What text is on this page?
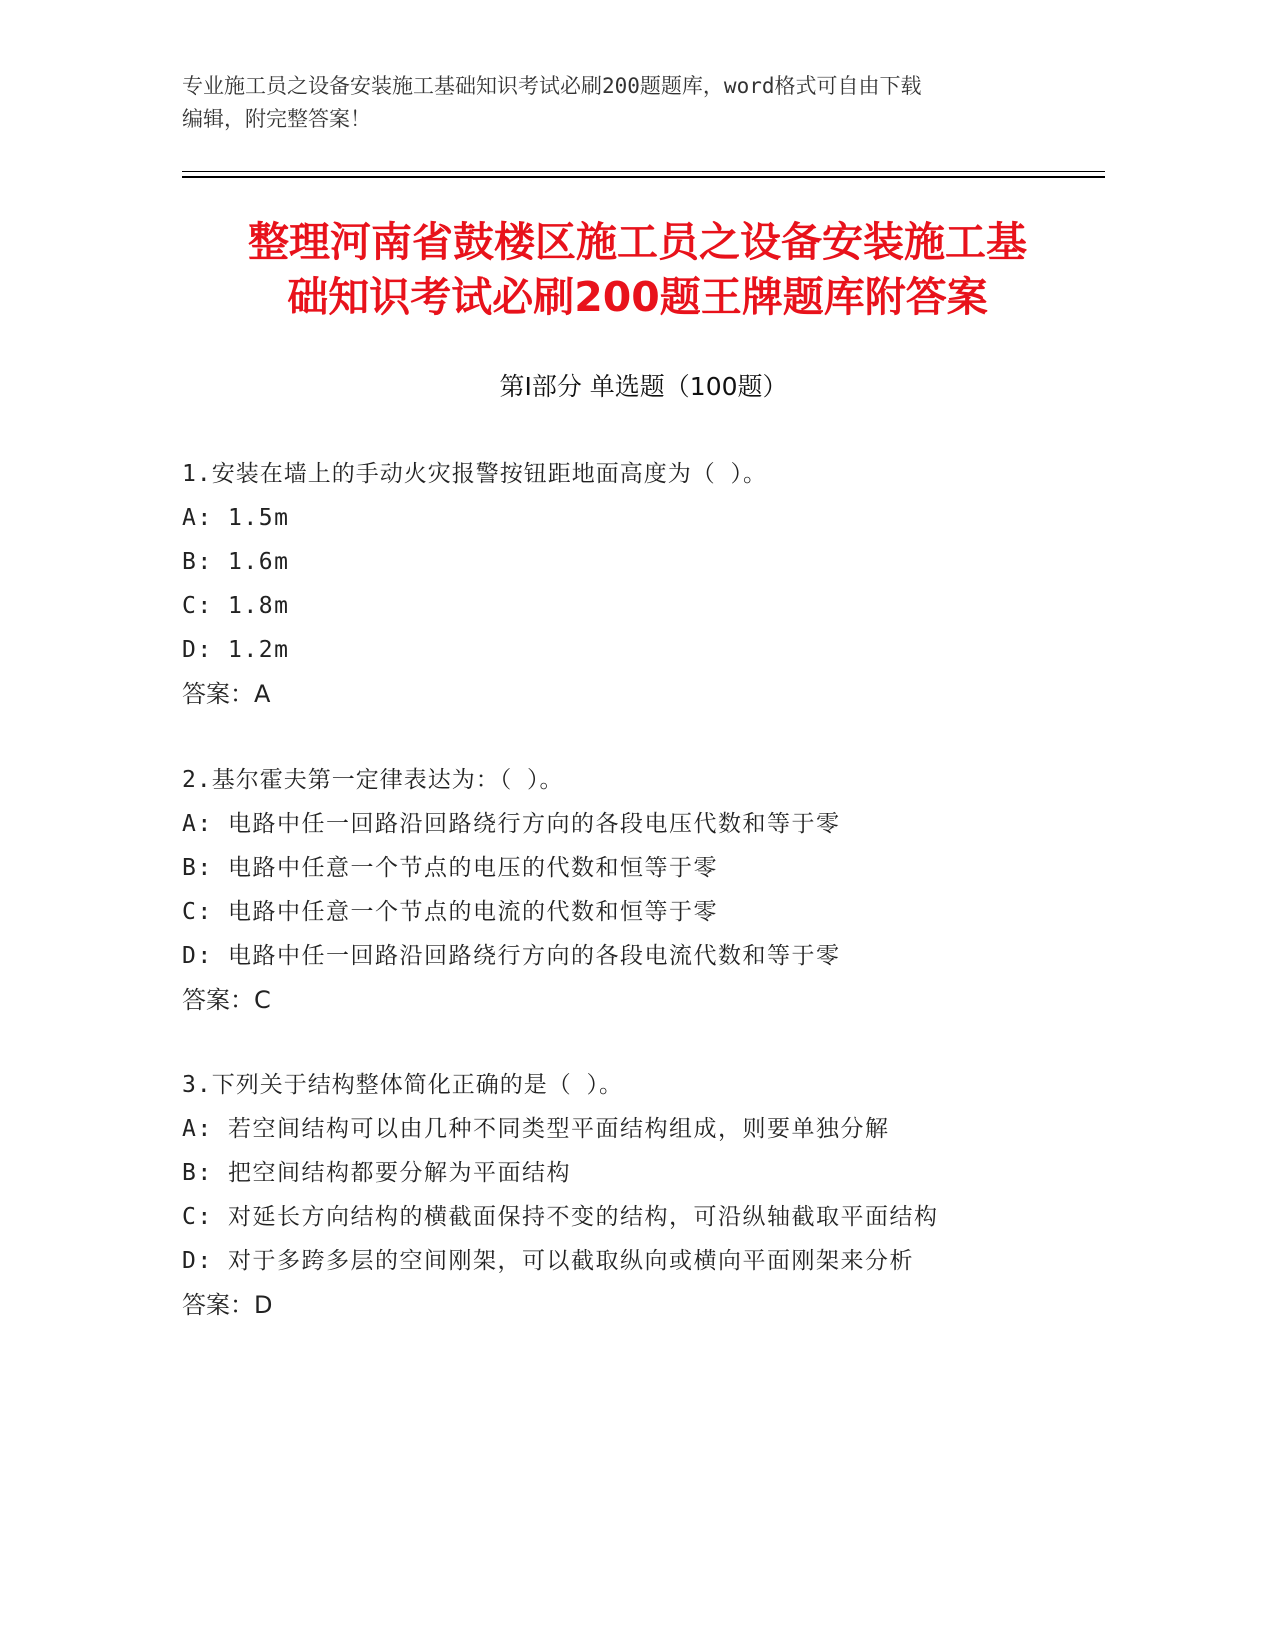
专业施工员之设备安装施工基础知识考试必刷200题题库，word格式可自由下载
编辑，附完整答案！
整理河南省鼓楼区施工员之设备安装施工基
础知识考试必刷200题王牌题库附答案
第Ⅰ部分 单选题（100题）
1.安装在墙上的手动火灾报警按钮距地面高度为（ ）。
A: 1.5m
B: 1.6m
C: 1.8m
D: 1.2m
答案：A
2.基尔霍夫第一定律表达为：（ ）。
A: 电路中任一回路沿回路绕行方向的各段电压代数和等于零
B: 电路中任意一个节点的电压的代数和恒等于零
C: 电路中任意一个节点的电流的代数和恒等于零
D: 电路中任一回路沿回路绕行方向的各段电流代数和等于零
答案：C
3.下列关于结构整体简化正确的是（ ）。
A: 若空间结构可以由几种不同类型平面结构组成，则要单独分解
B: 把空间结构都要分解为平面结构
C: 对延长方向结构的横截面保持不变的结构，可沿纵轴截取平面结构
D: 对于多跨多层的空间刚架，可以截取纵向或横向平面刚架来分析
答案：D
